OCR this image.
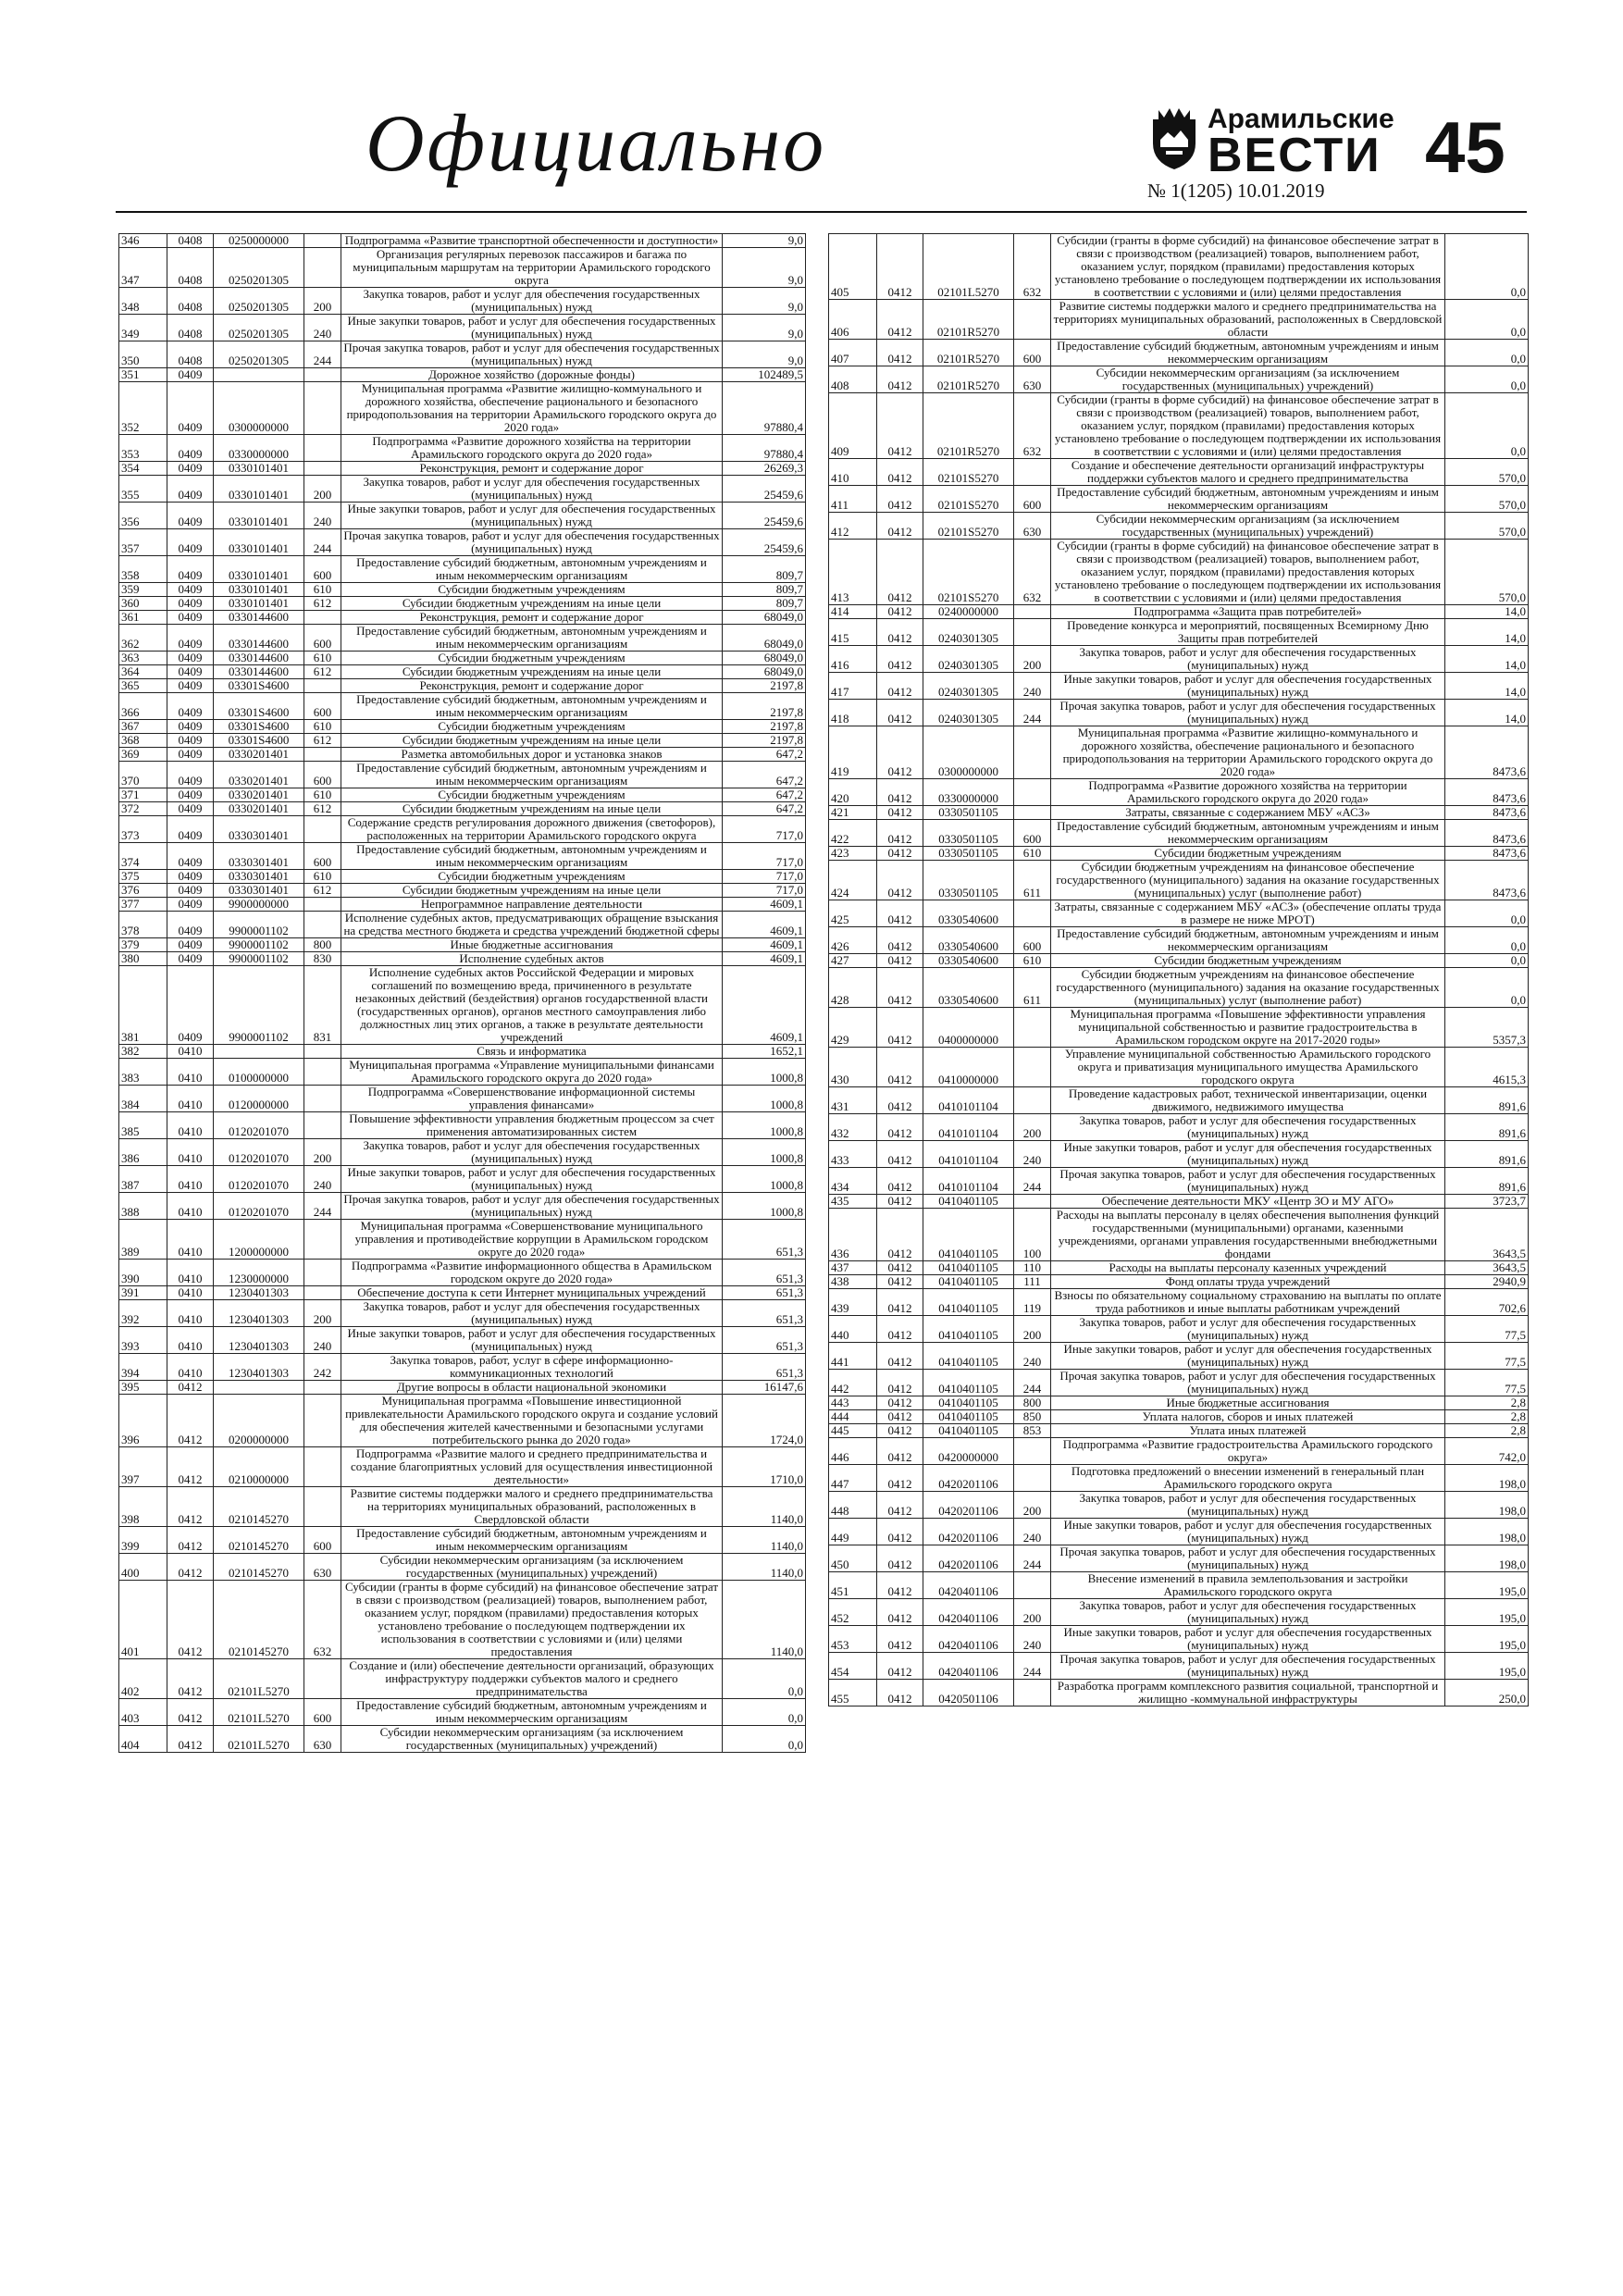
Официально	Арамильские
ВЕСТИ
№ 1(1205) 10.01.2019
45
346	0408	0250000000		Подпрограмма «Развитие транспортной обеспеченности и доступности»	9,0
347	0408	0250201305		Организация регулярных перевозок пассажиров и багажа по муниципальным маршрутам на территории Арамильского городского округа	9,0
348	0408	0250201305	200	Закупка товаров, работ и услуг для обеспечения государственных (муниципальных) нужд	9,0
349	0408	0250201305	240	Иные закупки товаров, работ и услуг для обеспечения государственных (муниципальных) нужд	9,0
350	0408	0250201305	244	Прочая закупка товаров, работ и услуг для обеспечения государственных (муниципальных) нужд	9,0
351	0409			Дорожное хозяйство (дорожные фонды)	102489,5
352	0409	0300000000		Муниципальная программа «Развитие жилищно-коммунального и дорожного хозяйства, обеспечение рационального и безопасного природопользования на территории Арамильского городского округа до 2020 года»	97880,4
353	0409	0330000000		Подпрограмма «Развитие дорожного хозяйства на территории Арамильского городского округа до 2020 года»	97880,4
354	0409	0330101401		Реконструкция, ремонт и содержание дорог	26269,3
355	0409	0330101401	200	Закупка товаров, работ и услуг для обеспечения государственных (муниципальных) нужд	25459,6
356	0409	0330101401	240	Иные закупки товаров, работ и услуг для обеспечения государственных (муниципальных) нужд	25459,6
357	0409	0330101401	244	Прочая закупка товаров, работ и услуг для обеспечения государственных (муниципальных) нужд	25459,6
358	0409	0330101401	600	Предоставление субсидий бюджетным, автономным учреждениям и иным некоммерческим организациям	809,7
359	0409	0330101401	610	Субсидии бюджетным учреждениям	809,7
360	0409	0330101401	612	Субсидии бюджетным учреждениям на иные цели	809,7
361	0409	0330144600		Реконструкция, ремонт и содержание дорог	68049,0
362	0409	0330144600	600	Предоставление субсидий бюджетным, автономным учреждениям и иным некоммерческим организациям	68049,0
363	0409	0330144600	610	Субсидии бюджетным учреждениям	68049,0
364	0409	0330144600	612	Субсидии бюджетным учреждениям на иные цели	68049,0
365	0409	03301S4600		Реконструкция, ремонт и содержание дорог	2197,8
366	0409	03301S4600	600	Предоставление субсидий бюджетным, автономным учреждениям и иным некоммерческим организациям	2197,8
367	0409	03301S4600	610	Субсидии бюджетным учреждениям	2197,8
368	0409	03301S4600	612	Субсидии бюджетным учреждениям на иные цели	2197,8
369	0409	0330201401		Разметка автомобильных дорог и установка знаков	647,2
370	0409	0330201401	600	Предоставление субсидий бюджетным, автономным учреждениям и иным некоммерческим организациям	647,2
371	0409	0330201401	610	Субсидии бюджетным учреждениям	647,2
372	0409	0330201401	612	Субсидии бюджетным учреждениям на иные цели	647,2
373	0409	0330301401		Содержание средств регулирования дорожного движения (светофоров), расположенных на территории Арамильского городского округа	717,0
374	0409	0330301401	600	Предоставление субсидий бюджетным, автономным учреждениям и иным некоммерческим организациям	717,0
375	0409	0330301401	610	Субсидии бюджетным учреждениям	717,0
376	0409	0330301401	612	Субсидии бюджетным учреждениям на иные цели	717,0
377	0409	9900000000		Непрограммное направление деятельности	4609,1
378	0409	9900001102		Исполнение судебных актов, предусматривающих обращение взыскания на средства местного бюджета и средства учреждений бюджетной сферы	4609,1
379	0409	9900001102	800	Иные бюджетные ассигнования	4609,1
380	0409	9900001102	830	Исполнение судебных актов	4609,1
381	0409	9900001102	831	Исполнение судебных актов Российской Федерации и мировых соглашений по возмещению вреда, причиненного в результате незаконных действий (бездействия) органов государственной власти (государственных органов), органов местного самоуправления либо должностных лиц этих органов, а также в результате деятельности учреждений	4609,1
382	0410			Связь и информатика	1652,1
383	0410	0100000000		Муниципальная программа «Управление муниципальными финансами Арамильского городского округа до 2020 года»	1000,8
384	0410	0120000000		Подпрограмма «Совершенствование информационной системы управления финансами»	1000,8
385	0410	0120201070		Повышение эффективности управления бюджетным процессом за счет применения автоматизированных систем	1000,8
386	0410	0120201070	200	Закупка товаров, работ и услуг для обеспечения государственных (муниципальных) нужд	1000,8
387	0410	0120201070	240	Иные закупки товаров, работ и услуг для обеспечения государственных (муниципальных) нужд	1000,8
388	0410	0120201070	244	Прочая закупка товаров, работ и услуг для обеспечения государственных (муниципальных) нужд	1000,8
389	0410	1200000000		Муниципальная программа «Совершенствование муниципального управления и противодействие коррупции в Арамильском городском округе до 2020 года»	651,3
390	0410	1230000000		Подпрограмма «Развитие информационного общества в Арамильском городском округе до 2020 года»	651,3
391	0410	1230401303		Обеспечение доступа к сети Интернет муниципальных учреждений	651,3
392	0410	1230401303	200	Закупка товаров, работ и услуг для обеспечения государственных (муниципальных) нужд	651,3
393	0410	1230401303	240	Иные закупки товаров, работ и услуг для обеспечения государственных (муниципальных) нужд	651,3
394	0410	1230401303	242	Закупка товаров, работ, услуг в сфере информационно-коммуникационных технологий	651,3
395	0412			Другие вопросы в области национальной экономики	16147,6
396	0412	0200000000		Муниципальная программа «Повышение инвестиционной привлекательности Арамильского городского округа и создание условий для обеспечения жителей качественными и безопасными услугами потребительского рынка до 2020 года»	1724,0
397	0412	0210000000		Подпрограмма «Развитие малого и среднего предпринимательства и создание благоприятных условий для осуществления инвестиционной деятельности»	1710,0
398	0412	0210145270		Развитие системы поддержки малого и среднего предпринимательства на территориях муниципальных образований, расположенных в Свердловской области	1140,0
399	0412	0210145270	600	Предоставление субсидий бюджетным, автономным учреждениям и иным некоммерческим организациям	1140,0
400	0412	0210145270	630	Субсидии некоммерческим организациям (за исключением государственных (муниципальных) учреждений)	1140,0
401	0412	0210145270	632	Субсидии (гранты в форме субсидий) на финансовое обеспечение затрат в связи с производством (реализацией) товаров, выполнением работ, оказанием услуг, порядком (правилами) предоставления которых установлено требование о последующем подтверждении их использования в соответствии с условиями и (или) целями предоставления	1140,0
402	0412	02101L5270		Создание и (или) обеспечение деятельности организаций, образующих инфраструктуру поддержки субъектов малого и среднего предпринимательства	0,0
403	0412	02101L5270	600	Предоставление субсидий бюджетным, автономным учреждениям и иным некоммерческим организациям	0,0
404	0412	02101L5270	630	Субсидии некоммерческим организациям (за исключением государственных (муниципальных) учреждений)	0,0
405	0412	02101L5270	632	Субсидии (гранты в форме субсидий) на финансовое обеспечение затрат в связи с производством (реализацией) товаров, выполнением работ, оказанием услуг, порядком (правилами) предоставления которых установлено требование о последующем подтверждении их использования в соответствии с условиями и (или) целями предоставления	0,0
406	0412	02101R5270		Развитие системы поддержки малого и среднего предпринимательства на территориях муниципальных образований, расположенных в Свердловской области	0,0
407	0412	02101R5270	600	Предоставление субсидий бюджетным, автономным учреждениям и иным некоммерческим организациям	0,0
408	0412	02101R5270	630	Субсидии некоммерческим организациям (за исключением государственных (муниципальных) учреждений)	0,0
409	0412	02101R5270	632	Субсидии (гранты в форме субсидий) на финансовое обеспечение затрат в связи с производством (реализацией) товаров, выполнением работ, оказанием услуг, порядком (правилами) предоставления которых установлено требование о последующем подтверждении их использования в соответствии с условиями и (или) целями предоставления	0,0
410	0412	02101S5270		Создание и обеспечение деятельности организаций инфраструктуры поддержки субъектов малого и среднего предпринимательства	570,0
411	0412	02101S5270	600	Предоставление субсидий бюджетным, автономным учреждениям и иным некоммерческим организациям	570,0
412	0412	02101S5270	630	Субсидии некоммерческим организациям (за исключением государственных (муниципальных) учреждений)	570,0
413	0412	02101S5270	632	Субсидии (гранты в форме субсидий) на финансовое обеспечение затрат в связи с производством (реализацией) товаров, выполнением работ, оказанием услуг, порядком (правилами) предоставления которых установлено требование о последующем подтверждении их использования в соответствии с условиями и (или) целями предоставления	570,0
414	0412	0240000000		Подпрограмма «Защита прав потребителей»	14,0
415	0412	0240301305		Проведение конкурса и мероприятий, посвященных Всемирному Дню Защиты прав потребителей	14,0
416	0412	0240301305	200	Закупка товаров, работ и услуг для обеспечения государственных (муниципальных) нужд	14,0
417	0412	0240301305	240	Иные закупки товаров, работ и услуг для обеспечения государственных (муниципальных) нужд	14,0
418	0412	0240301305	244	Прочая закупка товаров, работ и услуг для обеспечения государственных (муниципальных) нужд	14,0
419	0412	0300000000		Муниципальная программа «Развитие жилищно-коммунального и дорожного хозяйства, обеспечение рационального и безопасного природопользования на территории Арамильского городского округа до 2020 года»	8473,6
420	0412	0330000000		Подпрограмма «Развитие дорожного хозяйства на территории Арамильского городского округа до 2020 года»	8473,6
421	0412	0330501105		Затраты, связанные с содержанием МБУ «АСЗ»	8473,6
422	0412	0330501105	600	Предоставление субсидий бюджетным, автономным учреждениям и иным некоммерческим организациям	8473,6
423	0412	0330501105	610	Субсидии бюджетным учреждениям	8473,6
424	0412	0330501105	611	Субсидии бюджетным учреждениям на финансовое обеспечение государственного (муниципального) задания на оказание государственных (муниципальных) услуг (выполнение работ)	8473,6
425	0412	0330540600		Затраты, связанные с содержанием МБУ «АСЗ» (обеспечение оплаты труда в размере не ниже МРОТ)	0,0
426	0412	0330540600	600	Предоставление субсидий бюджетным, автономным учреждениям и иным некоммерческим организациям	0,0
427	0412	0330540600	610	Субсидии бюджетным учреждениям	0,0
428	0412	0330540600	611	Субсидии бюджетным учреждениям на финансовое обеспечение государственного (муниципального) задания на оказание государственных (муниципальных) услуг (выполнение работ)	0,0
429	0412	0400000000		Муниципальная программа «Повышение эффективности управления муниципальной собственностью и развитие градостроительства в Арамильском городском округе на 2017-2020 годы»	5357,3
430	0412	0410000000		Управление муниципальной собственностью Арамильского городского округа и приватизация муниципального имущества Арамильского городского округа	4615,3
431	0412	0410101104		Проведение кадастровых работ, технической инвентаризации, оценки движимого, недвижимого имущества	891,6
432	0412	0410101104	200	Закупка товаров, работ и услуг для обеспечения государственных (муниципальных) нужд	891,6
433	0412	0410101104	240	Иные закупки товаров, работ и услуг для обеспечения государственных (муниципальных) нужд	891,6
434	0412	0410101104	244	Прочая закупка товаров, работ и услуг для обеспечения государственных (муниципальных) нужд	891,6
435	0412	0410401105		Обеспечение деятельности МКУ «Центр ЗО и МУ АГО»	3723,7
436	0412	0410401105	100	Расходы на выплаты персоналу в целях обеспечения выполнения функций государственными (муниципальными) органами, казенными учреждениями, органами управления государственными внебюджетными фондами	3643,5
437	0412	0410401105	110	Расходы на выплаты персоналу казенных учреждений	3643,5
438	0412	0410401105	111	Фонд оплаты труда учреждений	2940,9
439	0412	0410401105	119	Взносы по обязательному социальному страхованию на выплаты по оплате труда работников и иные выплаты работникам учреждений	702,6
440	0412	0410401105	200	Закупка товаров, работ и услуг для обеспечения государственных (муниципальных) нужд	77,5
441	0412	0410401105	240	Иные закупки товаров, работ и услуг для обеспечения государственных (муниципальных) нужд	77,5
442	0412	0410401105	244	Прочая закупка товаров, работ и услуг для обеспечения государственных (муниципальных) нужд	77,5
443	0412	0410401105	800	Иные бюджетные ассигнования	2,8
444	0412	0410401105	850	Уплата налогов, сборов и иных платежей	2,8
445	0412	0410401105	853	Уплата иных платежей	2,8
446	0412	0420000000		Подпрограмма «Развитие градостроительства Арамильского городского округа»	742,0
447	0412	0420201106		Подготовка предложений о внесении изменений в генеральный план Арамильского городского округа	198,0
448	0412	0420201106	200	Закупка товаров, работ и услуг для обеспечения государственных (муниципальных) нужд	198,0
449	0412	0420201106	240	Иные закупки товаров, работ и услуг для обеспечения государственных (муниципальных) нужд	198,0
450	0412	0420201106	244	Прочая закупка товаров, работ и услуг для обеспечения государственных (муниципальных) нужд	198,0
451	0412	0420401106		Внесение изменений в правила землепользования и застройки Арамильского городского округа	195,0
452	0412	0420401106	200	Закупка товаров, работ и услуг для обеспечения государственных (муниципальных) нужд	195,0
453	0412	0420401106	240	Иные закупки товаров, работ и услуг для обеспечения государственных (муниципальных) нужд	195,0
454	0412	0420401106	244	Прочая закупка товаров, работ и услуг для обеспечения государственных (муниципальных) нужд	195,0
455	0412	0420501106		Разработка программ комплексного развития социальной, транспортной и жилищно -коммунальной инфраструктуры	250,0
